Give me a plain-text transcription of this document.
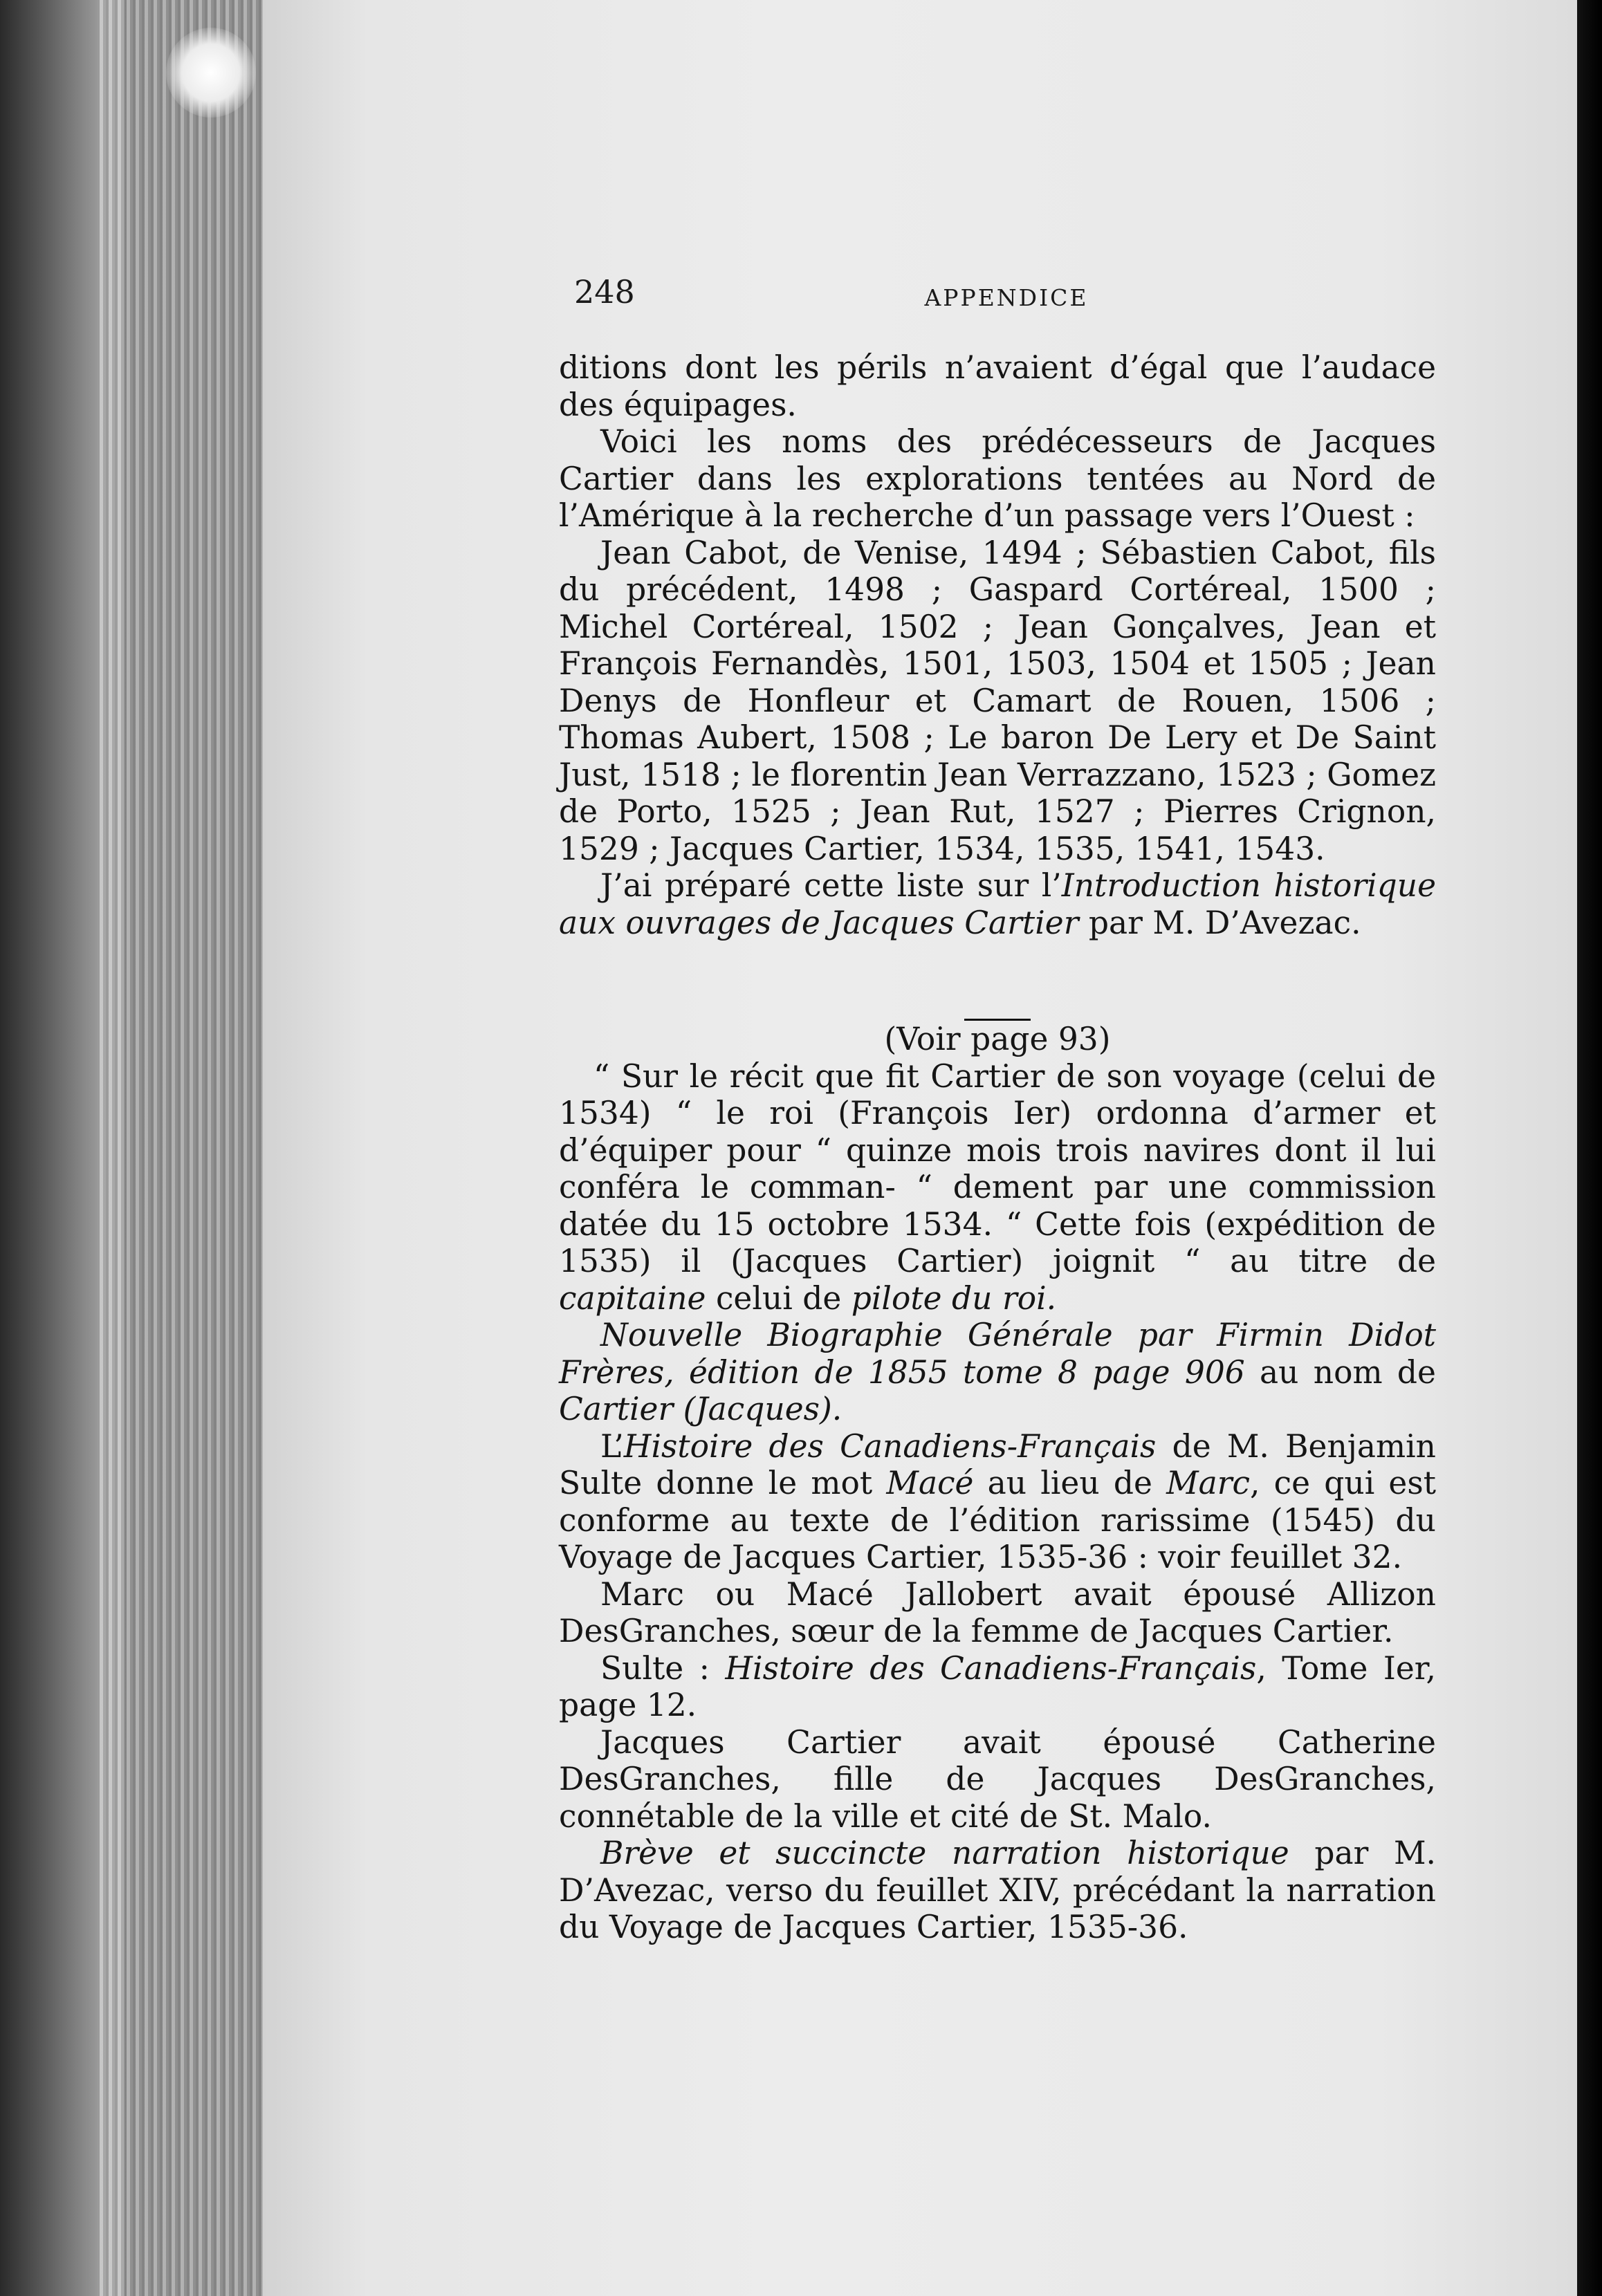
248	APPENDICE

ditions dont les périls n’avaient d’égal que l’audace des équipages.

Voici les noms des prédécesseurs de Jacques Cartier dans les explorations tentées au Nord de l’Amérique à la recherche d’un passage vers l’Ouest :

Jean Cabot, de Venise, 1494 ; Sébastien Cabot, fils du précédent, 1498 ; Gaspard Cortéreal, 1500 ; Michel Cortéreal, 1502 ; Jean Gonçalves, Jean et François Fernandès, 1501, 1503, 1504 et 1505 ; Jean Denys de Honfleur et Camart de Rouen, 1506 ; Thomas Aubert, 1508 ; Le baron De Lery et De Saint Just, 1518 ; le florentin Jean Verrazzano, 1523 ; Gomez de Porto, 1525 ; Jean Rut, 1527 ; Pierres Crignon, 1529 ; Jacques Cartier, 1534, 1535, 1541, 1543.

J’ai préparé cette liste sur l’Introduction historique aux ouvrages de Jacques Cartier par M. D’Avezac.

(Voir page 93)

“ Sur le récit que fit Cartier de son voyage (celui de 1534) “ le roi (François Ier) ordonna d’armer et d’équiper pour “ quinze mois trois navires dont il lui conféra le comman- “ dement par une commission datée du 15 octobre 1534. “ Cette fois (expédition de 1535) il (Jacques Cartier) joignit “ au titre de capitaine celui de pilote du roi.

Nouvelle Biographie Générale par Firmin Didot Frères, édition de 1855 tome 8 page 906 au nom de Cartier (Jacques).

L’Histoire des Canadiens-Français de M. Benjamin Sulte donne le mot Macé au lieu de Marc, ce qui est conforme au texte de l’édition rarissime (1545) du Voyage de Jacques Cartier, 1535-36 : voir feuillet 32.

Marc ou Macé Jallobert avait épousé Allizon DesGranches, sœur de la femme de Jacques Cartier.

Sulte : Histoire des Canadiens-Français, Tome Ier, page 12.

Jacques Cartier avait épousé Catherine DesGranches, fille de Jacques DesGranches, connétable de la ville et cité de St. Malo.

Brève et succincte narration historique par M. D’Avezac, verso du feuillet XIV, précédant la narration du Voyage de Jacques Cartier, 1535-36.
